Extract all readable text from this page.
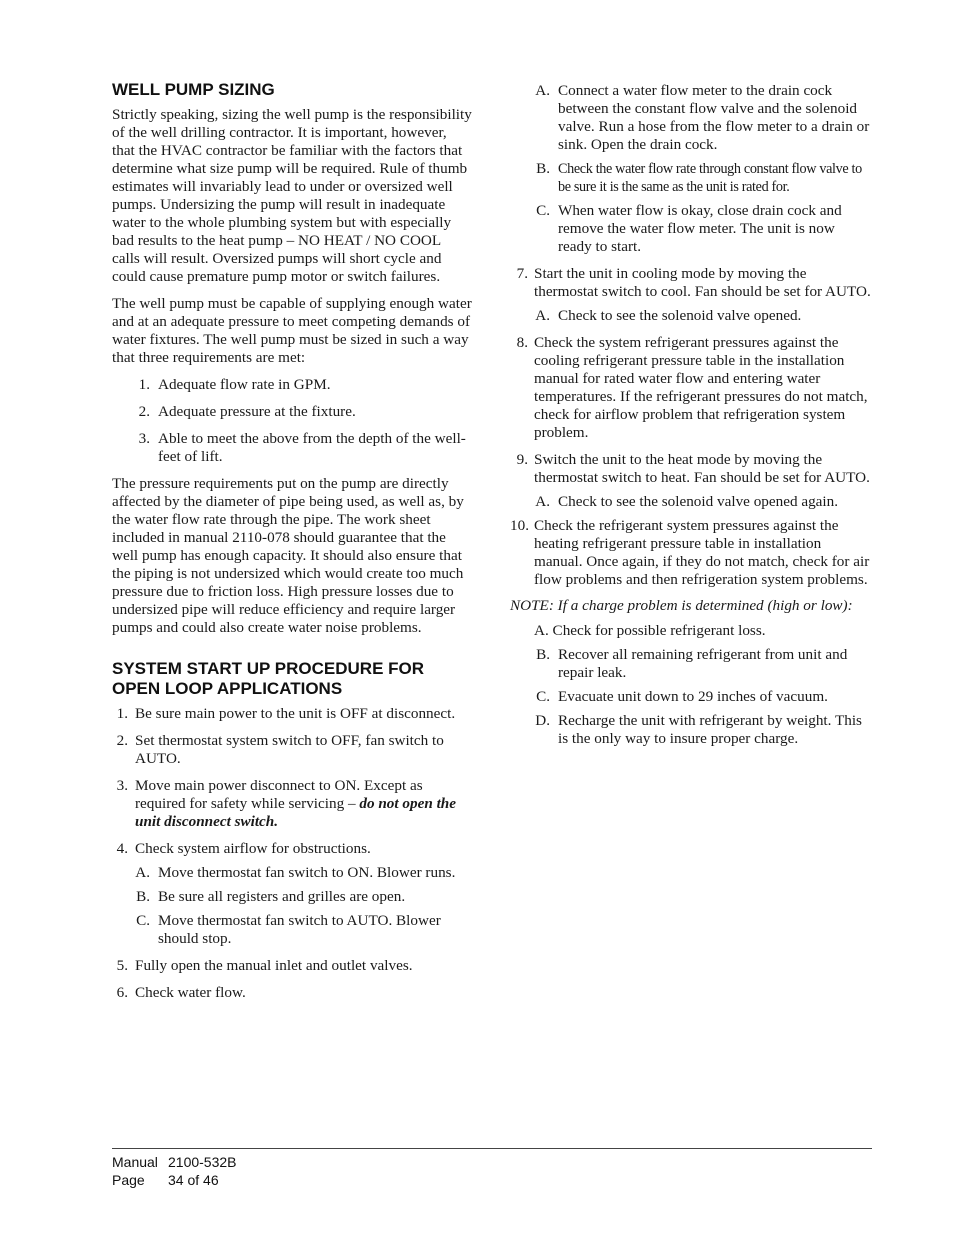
WELL PUMP SIZING

Strictly speaking, sizing the well pump is the responsibility of the well drilling contractor. It is important, however, that the HVAC contractor be familiar with the factors that determine what size pump will be required. Rule of thumb estimates will invariably lead to under or oversized well pumps. Undersizing the pump will result in inadequate water to the whole plumbing system but with especially bad results to the heat pump – NO HEAT / NO COOL calls will result. Oversized pumps will short cycle and could cause premature pump motor or switch failures.

The well pump must be capable of supplying enough water and at an adequate pressure to meet competing demands of water fixtures. The well pump must be sized in such a way that three requirements are met:

1. Adequate flow rate in GPM.
2. Adequate pressure at the fixture.
3. Able to meet the above from the depth of the well-feet of lift.

The pressure requirements put on the pump are directly affected by the diameter of pipe being used, as well as, by the water flow rate through the pipe. The work sheet included in manual 2110-078 should guarantee that the well pump has enough capacity. It should also ensure that the piping is not undersized which would create too much pressure due to friction loss. High pressure losses due to undersized pipe will reduce efficiency and require larger pumps and could also create water noise problems.

SYSTEM START UP PROCEDURE FOR OPEN LOOP APPLICATIONS
1. Be sure main power to the unit is OFF at disconnect.
2. Set thermostat system switch to OFF, fan switch to AUTO.
3. Move main power disconnect to ON. Except as required for safety while servicing – do not open the unit disconnect switch.
4. Check system airflow for obstructions.
A. Move thermostat fan switch to ON. Blower runs.
B. Be sure all registers and grilles are open.
C. Move thermostat fan switch to AUTO. Blower should stop.
5. Fully open the manual inlet and outlet valves.
6. Check water flow.
A. Connect a water flow meter to the drain cock between the constant flow valve and the solenoid valve. Run a hose from the flow meter to a drain or sink. Open the drain cock.
B. Check the water flow rate through constant flow valve to be sure it is the same as the unit is rated for.
C. When water flow is okay, close drain cock and remove the water flow meter. The unit is now ready to start.
7. Start the unit in cooling mode by moving the thermostat switch to cool. Fan should be set for AUTO.
A. Check to see the solenoid valve opened.
8. Check the system refrigerant pressures against the cooling refrigerant pressure table in the installation manual for rated water flow and entering water temperatures. If the refrigerant pressures do not match, check for airflow problem that refrigeration system problem.
9. Switch the unit to the heat mode by moving the thermostat switch to heat. Fan should be set for AUTO.
A. Check to see the solenoid valve opened again.
10. Check the refrigerant system pressures against the heating refrigerant pressure table in installation manual. Once again, if they do not match, check for air flow problems and then refrigeration system problems.

NOTE: If a charge problem is determined (high or low):

A. Check for possible refrigerant loss.
B. Recover all remaining refrigerant from unit and repair leak.
C. Evacuate unit down to 29 inches of vacuum.
D. Recharge the unit with refrigerant by weight. This is the only way to insure proper charge.
Manual 2100-532B
Page 34 of 46
